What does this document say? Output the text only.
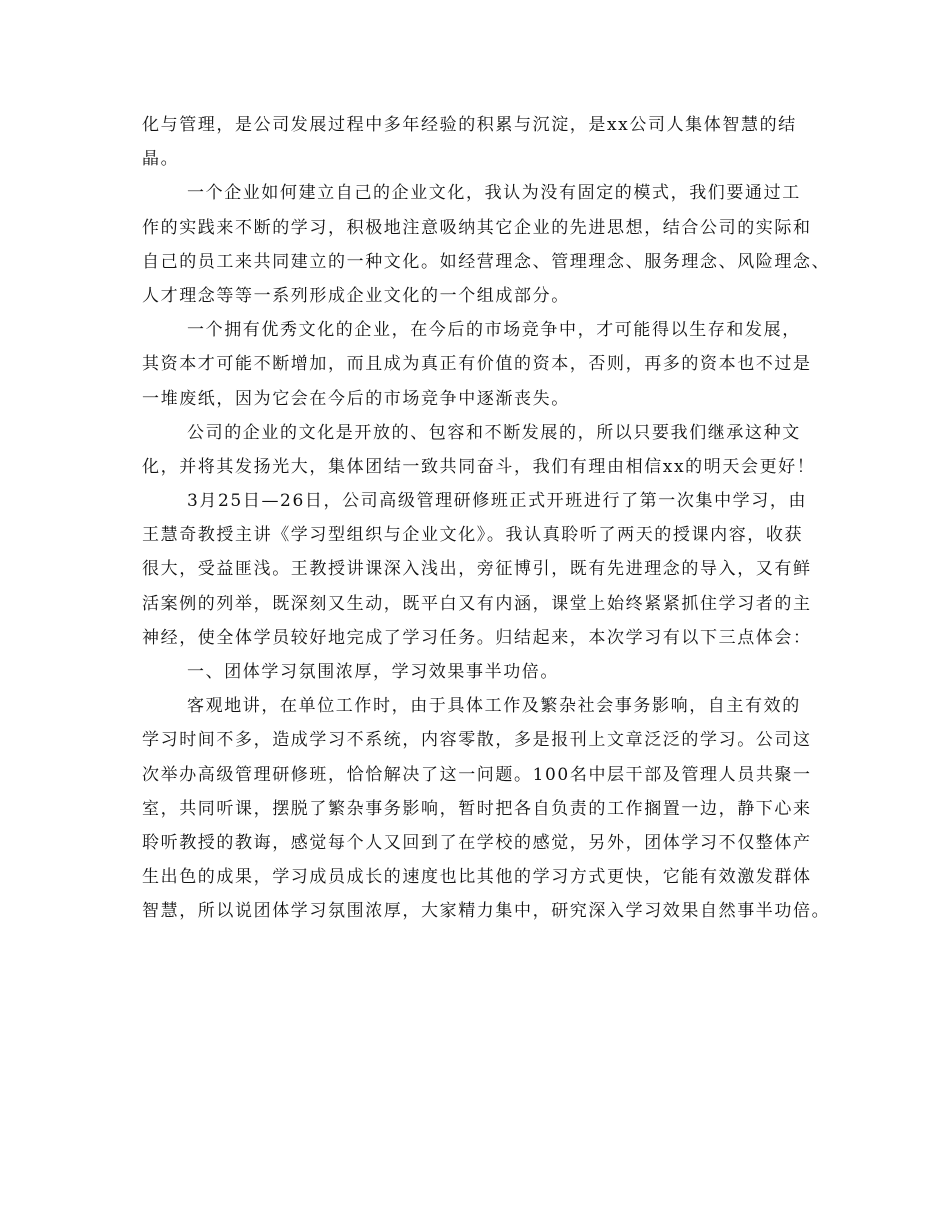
化与管理，是公司发展过程中多年经验的积累与沉淀，是xx公司人集体智慧的结
晶。
一个企业如何建立自己的企业文化，我认为没有固定的模式，我们要通过工
作的实践来不断的学习，积极地注意吸纳其它企业的先进思想，结合公司的实际和
自己的员工来共同建立的一种文化。如经营理念、管理理念、服务理念、风险理念、
人才理念等等一系列形成企业文化的一个组成部分。
一个拥有优秀文化的企业，在今后的市场竞争中，才可能得以生存和发展，
其资本才可能不断增加，而且成为真正有价值的资本，否则，再多的资本也不过是
一堆废纸，因为它会在今后的市场竞争中逐渐丧失。
公司的企业的文化是开放的、包容和不断发展的，所以只要我们继承这种文
化，并将其发扬光大，集体团结一致共同奋斗，我们有理由相信xx的明天会更好！
3月25日—26日，公司高级管理研修班正式开班进行了第一次集中学习，由
王慧奇教授主讲《学习型组织与企业文化》。我认真聆听了两天的授课内容，收获
很大，受益匪浅。王教授讲课深入浅出，旁征博引，既有先进理念的导入，又有鲜
活案例的列举，既深刻又生动，既平白又有内涵，课堂上始终紧紧抓住学习者的主
神经，使全体学员较好地完成了学习任务。归结起来，本次学习有以下三点体会：
一、团体学习氛围浓厚，学习效果事半功倍。
客观地讲，在单位工作时，由于具体工作及繁杂社会事务影响，自主有效的
学习时间不多，造成学习不系统，内容零散，多是报刊上文章泛泛的学习。公司这
次举办高级管理研修班，恰恰解决了这一问题。100名中层干部及管理人员共聚一
室，共同听课，摆脱了繁杂事务影响，暂时把各自负责的工作搁置一边，静下心来
聆听教授的教诲，感觉每个人又回到了在学校的感觉，另外，团体学习不仅整体产
生出色的成果，学习成员成长的速度也比其他的学习方式更快，它能有效激发群体
智慧，所以说团体学习氛围浓厚，大家精力集中，研究深入学习效果自然事半功倍。
